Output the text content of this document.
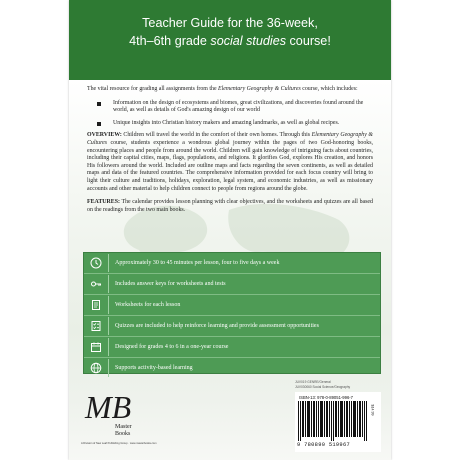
Teacher Guide for the 36-week,
4th–6th grade social studies course!

The vital resource for grading all assignments from the Elementary Geography & Cultures course, which includes:

Information on the design of ecosystems and biomes, great civilizations, and discoveries found around the world, as well as details of God's amazing design of our world
Unique insights into Christian history makers and amazing landmarks, as well as global recipes.

OVERVIEW: Children will travel the world in the comfort of their own homes. Through this Elementary Geography & Cultures course, students experience a wondrous global journey within the pages of two God-honoring books, encountering places and people from around the world. Children will gain knowledge of intriguing facts about countries, including their capital cities, maps, flags, populations, and religions. It glorifies God, explores His creation, and honors His followers around the world. Included are outline maps and facts regarding the seven continents, as well as detailed maps and data of the featured countries. The comprehensive information provided for each focus country will bring to light their culture and traditions, holidays, exploration, legal system, and economic industries, as well as missionary accounts and other material to help children connect to people from regions around the globe.

FEATURES: The calendar provides lesson planning with clear objectives, and the worksheets and quizzes are all based on the readings from the two main books.

Approximately 30 to 45 minutes per lesson, four to five days a week
Includes answer keys for worksheets and tests
Worksheets for each lesson
Quizzes are included to help reinforce learning and provide assessment opportunities
Designed for grades 4 to 6 in a one-year course
Supports activity-based learning
MB
Master
Books
A Division of New Leaf Publishing Group · www.masterbooks.com
JUV019 GENRE/General
JUV030060 Social Science/Geography
ISBN-13: 978-0-89051-996-7
9 780890 519967
$14.99
